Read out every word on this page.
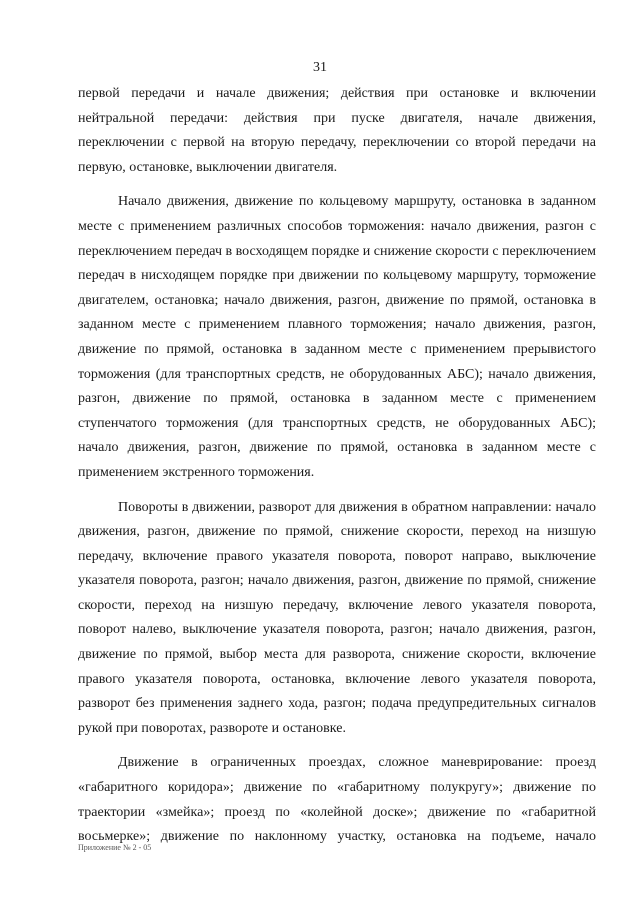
31

первой передачи и начале движения; действия при остановке и включении нейтральной передачи: действия при пуске двигателя, начале движения, переключении с первой на вторую передачу, переключении со второй передачи на первую, остановке, выключении двигателя.

Начало движения, движение по кольцевому маршруту, остановка в заданном месте с применением различных способов торможения: начало движения, разгон с переключением передач в восходящем порядке и снижение скорости с переключением передач в нисходящем порядке при движении по кольцевому маршруту, торможение двигателем, остановка; начало движения, разгон, движение по прямой, остановка в заданном месте с применением плавного торможения; начало движения, разгон, движение по прямой, остановка в заданном месте с применением прерывистого торможения (для транспортных средств, не оборудованных АБС); начало движения, разгон, движение по прямой, остановка в заданном месте с применением ступенчатого торможения (для транспортных средств, не оборудованных АБС); начало движения, разгон, движение по прямой, остановка в заданном месте с применением экстренного торможения.

Повороты в движении, разворот для движения в обратном направлении: начало движения, разгон, движение по прямой, снижение скорости, переход на низшую передачу, включение правого указателя поворота, поворот направо, выключение указателя поворота, разгон; начало движения, разгон, движение по прямой, снижение скорости, переход на низшую передачу, включение левого указателя поворота, поворот налево, выключение указателя поворота, разгон; начало движения, разгон, движение по прямой, выбор места для разворота, снижение скорости, включение правого указателя поворота, остановка, включение левого указателя поворота, разворот без применения заднего хода, разгон; подача предупредительных сигналов рукой при поворотах, развороте и остановке.

Движение в ограниченных проездах, сложное маневрирование: проезд «габаритного коридора»; движение по «габаритному полукругу»; движение по траектории «змейка»; проезд по «колейной доске»; движение по «габаритной восьмерке»; движение по наклонному участку, остановка на подъеме, начало

Приложение № 2 - 05
